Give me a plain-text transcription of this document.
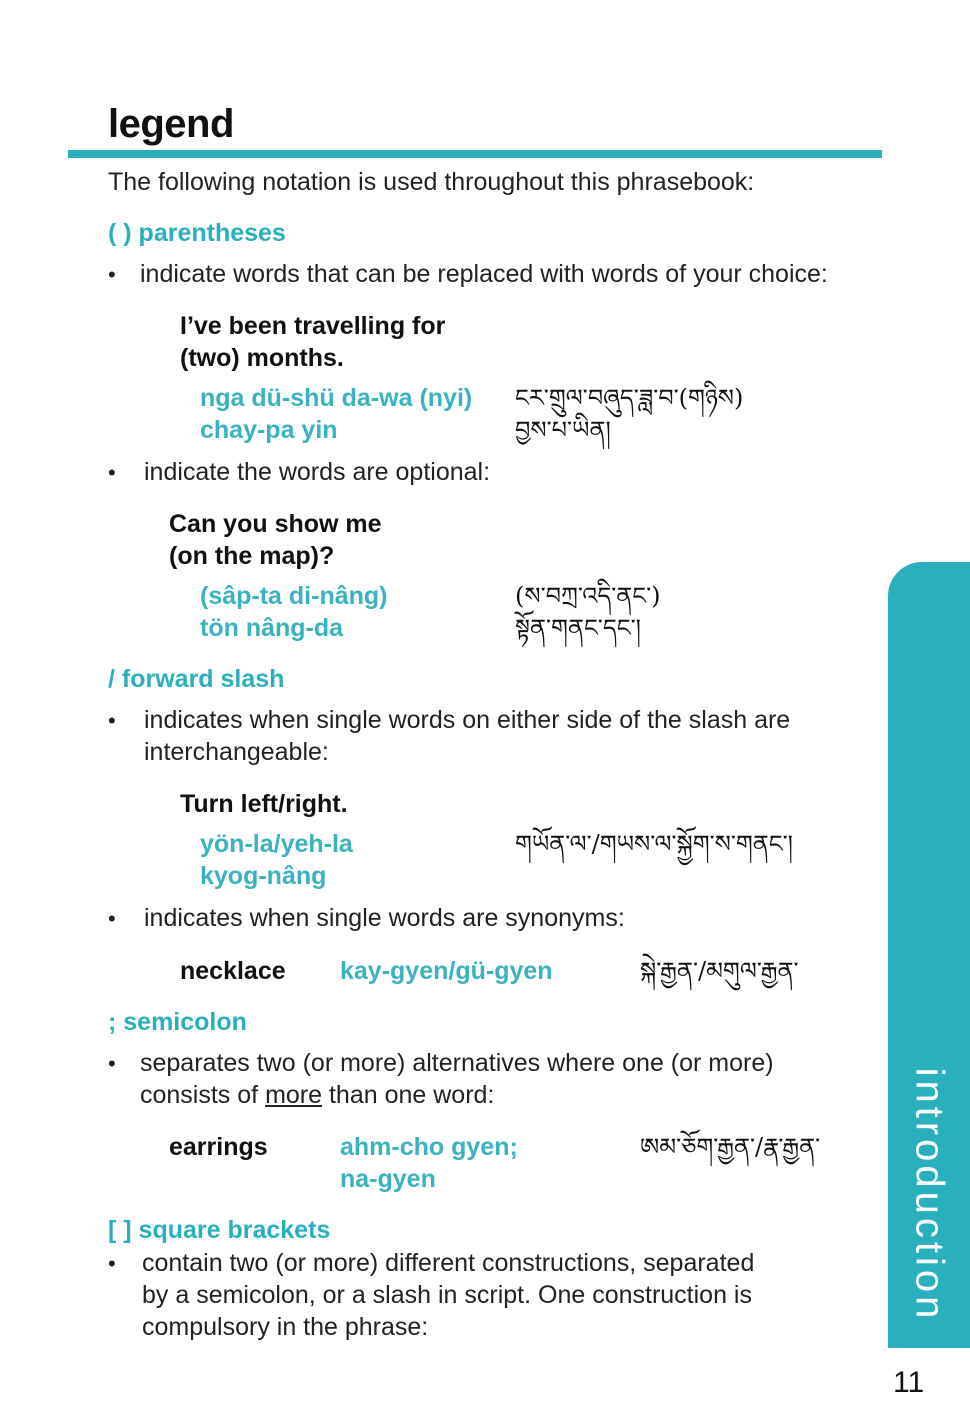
legend
The following notation is used throughout this phrasebook:
( ) parentheses
• indicate words that can be replaced with words of your choice:
I’ve been travelling for
(two) months.
nga dü-shü da-wa (nyi)
chay-pa yin
ངར་གྲུལ་བཞུད་ཟླ་བ་(གཉིས)
བྱས་པ་ཡིན།
• indicate the words are optional:
Can you show me
(on the map)?
(sâp-ta di-nâng)
tön nâng-da
(ས་བཀྲ་འདི་ནང་)
སྟོན་གནང་དང་།
/ forward slash
• indicates when single words on either side of the slash are
interchangeable:
Turn left/right.
yön-la/yeh-la
kyog-nâng
གཡོན་ལ་/གཡས་ལ་སྐྱོག་ས་གནང་།
• indicates when single words are synonyms:
necklace kay-gyen/gü-gyen	སྐེ་རྒྱན་/མགུལ་རྒྱན་
; semicolon
• separates two (or more) alternatives where one (or more)
consists of more than one word:
earrings	ahm-cho gyen;
na-gyen
ཨམ་ཅོག་རྒྱན་/རྣ་རྒྱན་
[ ] square brackets
• contain two (or more) different constructions, separated
by a semicolon, or a slash in script. One construction is
compulsory in the phrase:
introduction
11
